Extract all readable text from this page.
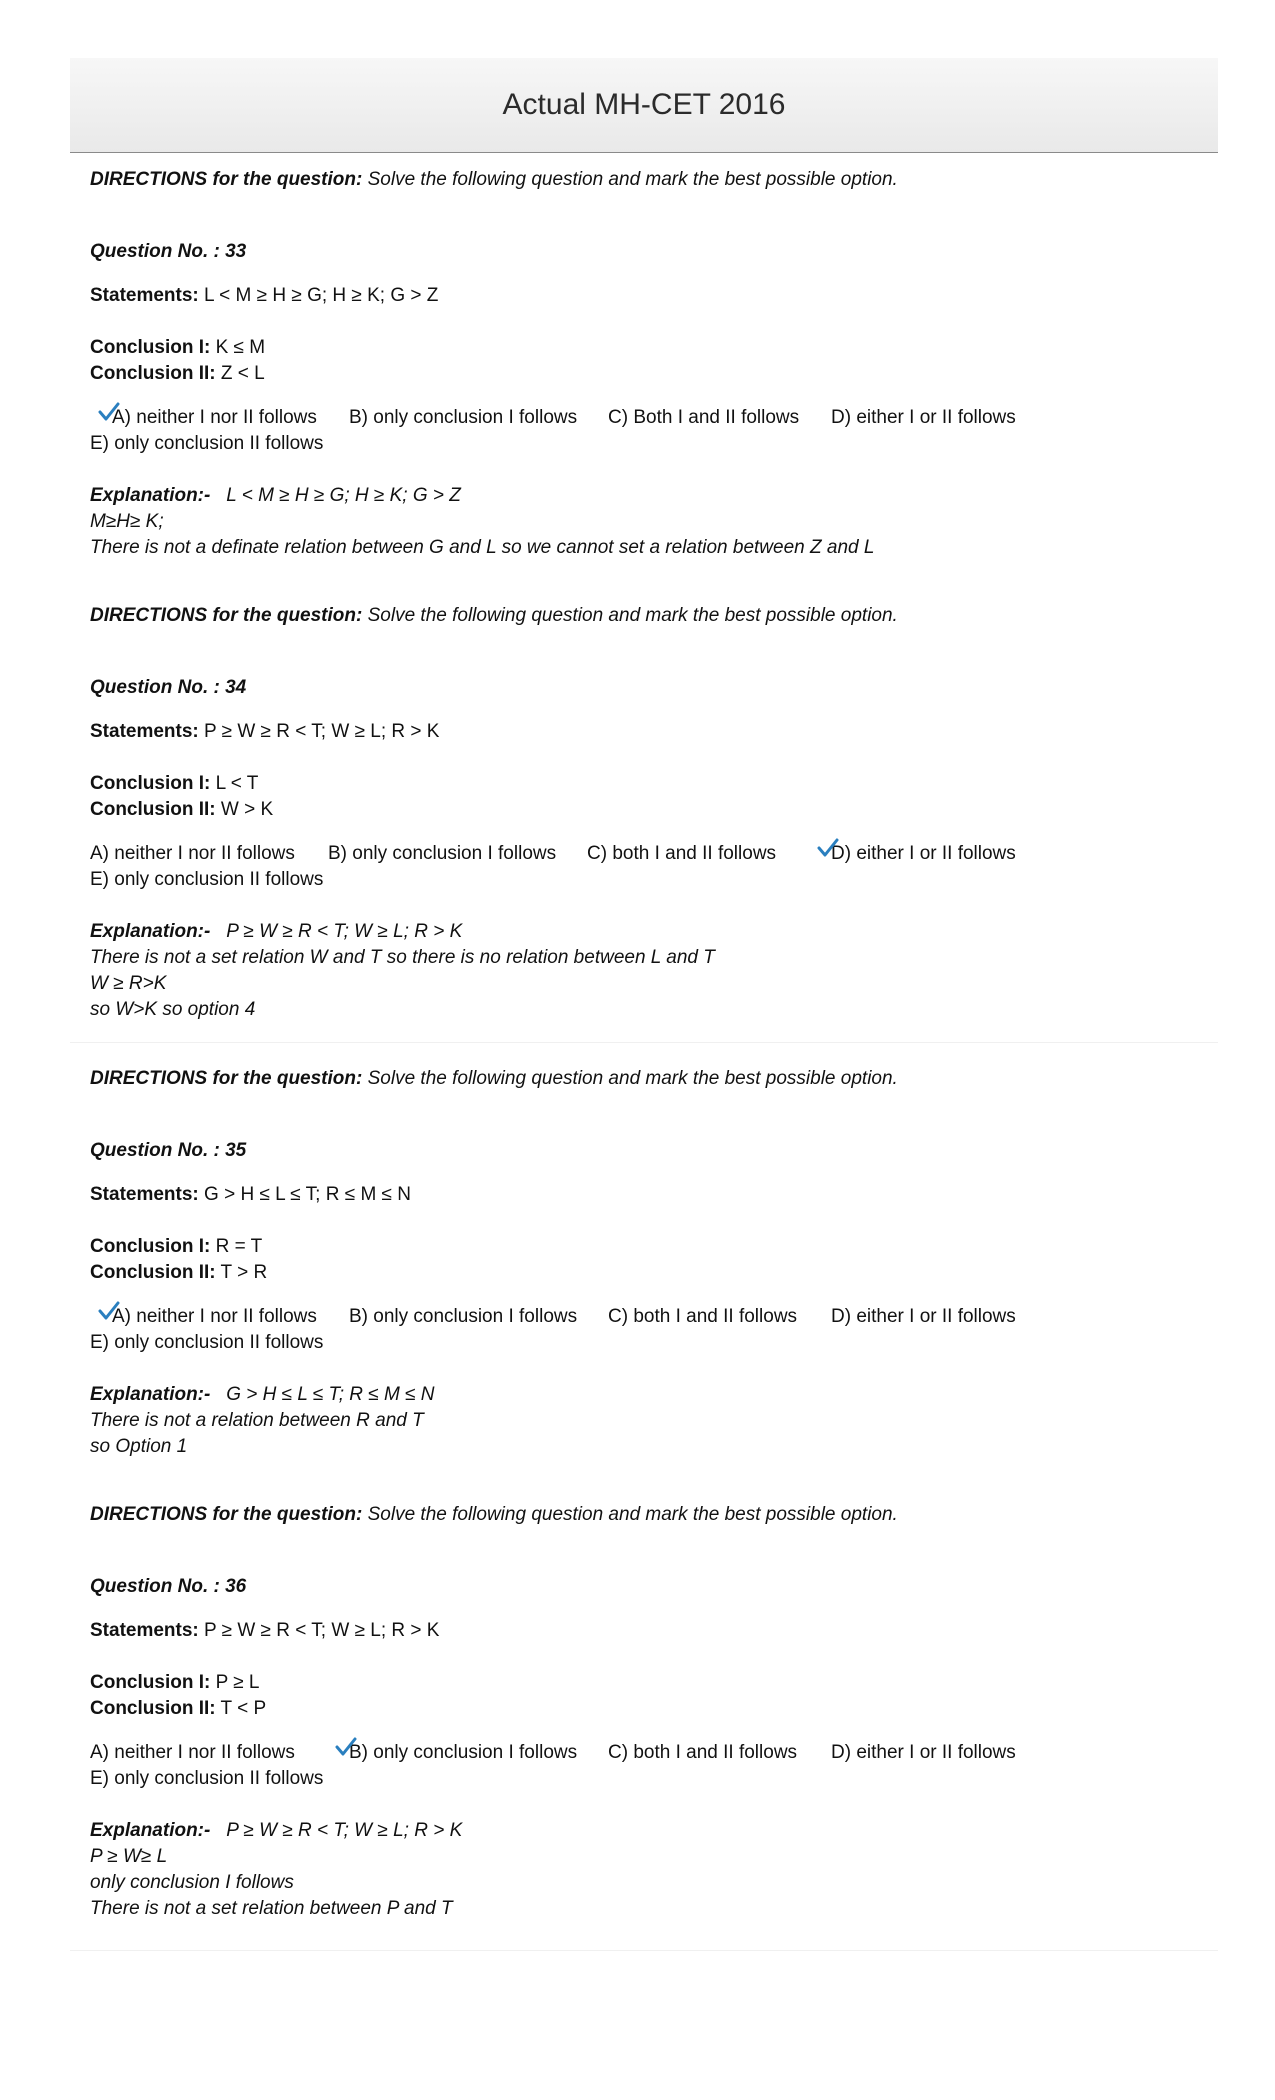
Actual MH-CET 2016
DIRECTIONS for the question: Solve the following question and mark the best possible option.
Question No. : 33
Statements: L < M ≥ H ≥ G; H ≥ K; G > Z
Conclusion I: K ≤ M
Conclusion II: Z < L
A) neither I nor II follows B) only conclusion I follows C) Both I and II follows D) either I or II follows
E) only conclusion II follows
Explanation:- L < M ≥ H ≥ G; H ≥ K; G > Z
M≥H≥ K;
There is not a definate relation between G and L so we cannot set a relation between Z and L
DIRECTIONS for the question: Solve the following question and mark the best possible option.
Question No. : 34
Statements: P ≥ W ≥ R < T; W ≥ L; R > K
Conclusion I: L < T
Conclusion II: W > K
A) neither I nor II follows B) only conclusion I follows C) both I and II follows	D) either I or II follows
E) only conclusion II follows
Explanation:- P ≥ W ≥ R < T; W ≥ L; R > K
There is not a set relation W and T so there is no relation between L and T
W ≥ R>K
so W>K so option 4
DIRECTIONS for the question: Solve the following question and mark the best possible option.
Question No. : 35
Statements: G > H ≤ L ≤ T; R ≤ M ≤ N
Conclusion I: R = T
Conclusion II: T > R
A) neither I nor II follows B) only conclusion I follows C) both I and II follows D) either I or II follows
E) only conclusion II follows
Explanation:- G > H ≤ L ≤ T; R ≤ M ≤ N
There is not a relation between R and T
so Option 1
DIRECTIONS for the question: Solve the following question and mark the best possible option.
Question No. : 36
Statements: P ≥ W ≥ R < T; W ≥ L; R > K
Conclusion I: P ≥ L
Conclusion II: T < P
A) neither I nor II follows	B) only conclusion I follows C) both I and II follows D) either I or II follows
E) only conclusion II follows
Explanation:- P ≥ W ≥ R < T; W ≥ L; R > K
P ≥ W≥ L
only conclusion I follows
There is not a set relation between P and T
